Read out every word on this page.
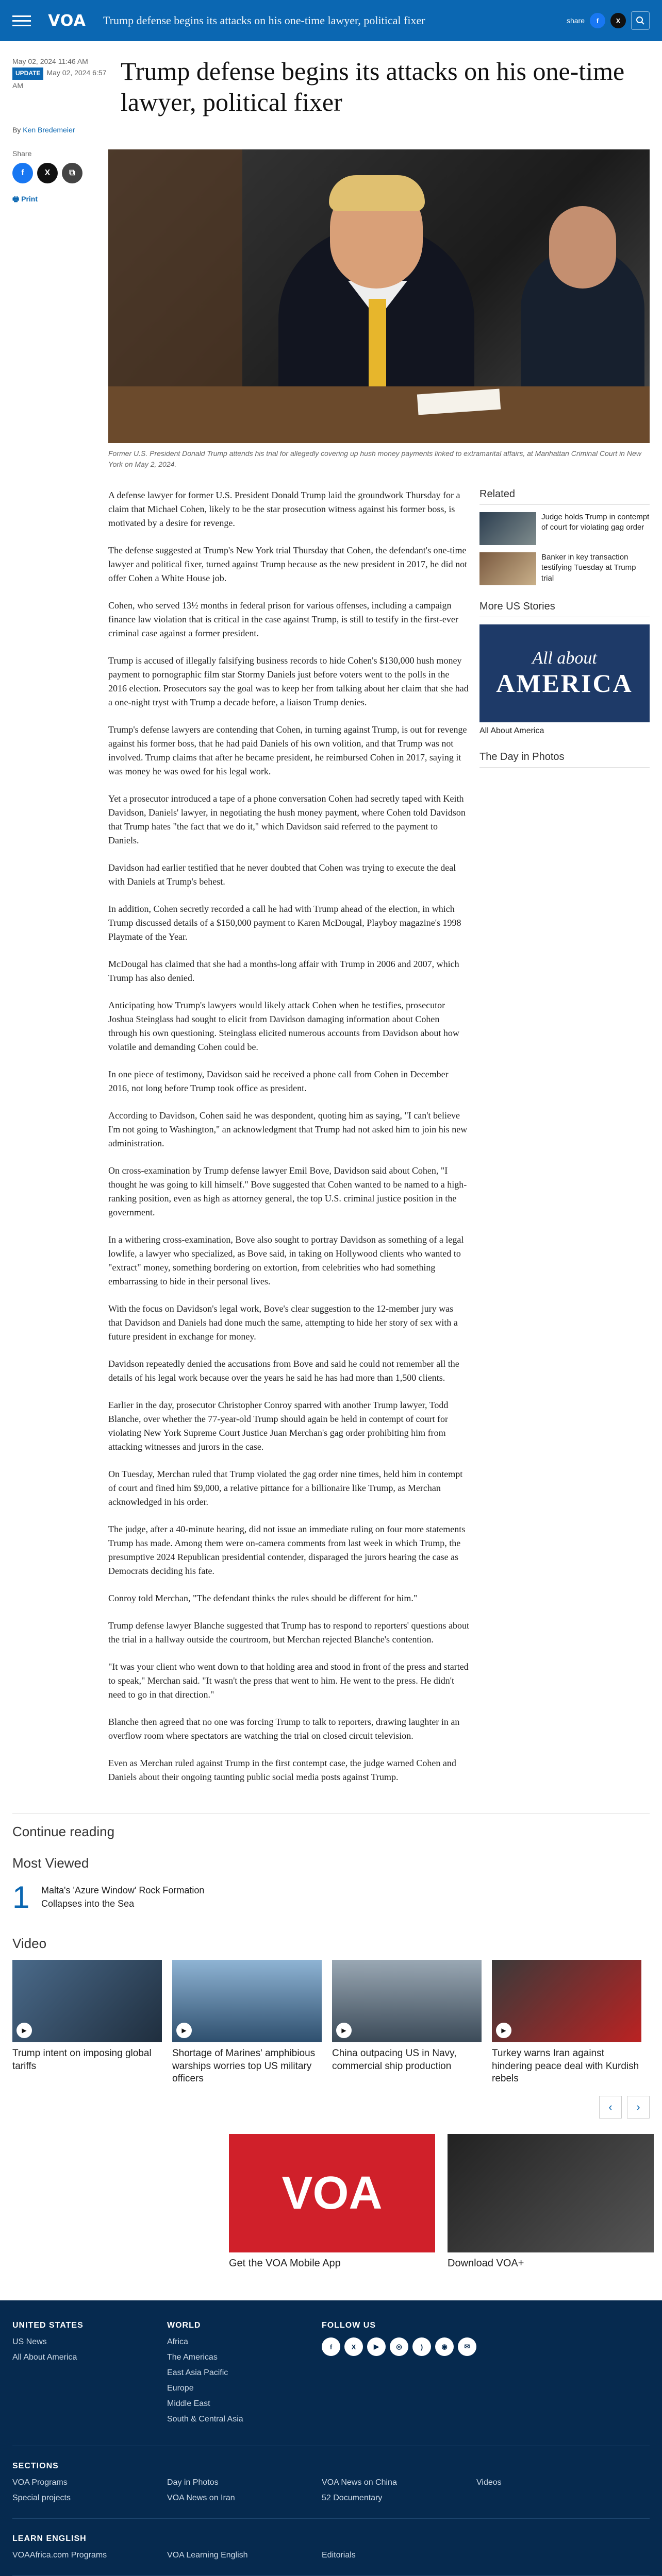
VOA	Trump defense begins its attacks on his one-time lawyer, political fixer	share	f	X
May 02, 2024 11:46 AM
UPDATE May 02, 2024 6:57 AM	Trump defense begins its attacks on his one-time lawyer, political fixer
By Ken Bredemeier
Share
f	X	⧉
🖶 Print
Former U.S. President Donald Trump attends his trial for allegedly covering up hush money payments linked to extramarital affairs, at Manhattan Criminal Court in New York on May 2, 2024.

A defense lawyer for former U.S. President Donald Trump laid the groundwork Thursday for a claim that Michael Cohen, likely to be the star prosecution witness against his former boss, is motivated by a desire for revenge.

The defense suggested at Trump's New York trial Thursday that Cohen, the defendant's one-time lawyer and political fixer, turned against Trump because as the new president in 2017, he did not offer Cohen a White House job.

Cohen, who served 13½ months in federal prison for various offenses, including a campaign finance law violation that is critical in the case against Trump, is still to testify in the first-ever criminal case against a former president.

Trump is accused of illegally falsifying business records to hide Cohen's $130,000 hush money payment to pornographic film star Stormy Daniels just before voters went to the polls in the 2016 election. Prosecutors say the goal was to keep her from talking about her claim that she had a one-night tryst with Trump a decade before, a liaison Trump denies.

Trump's defense lawyers are contending that Cohen, in turning against Trump, is out for revenge against his former boss, that he had paid Daniels of his own volition, and that Trump was not involved. Trump claims that after he became president, he reimbursed Cohen in 2017, saying it was money he was owed for his legal work.

Yet a prosecutor introduced a tape of a phone conversation Cohen had secretly taped with Keith Davidson, Daniels' lawyer, in negotiating the hush money payment, where Cohen told Davidson that Trump hates "the fact that we do it," which Davidson said referred to the payment to Daniels.

Davidson had earlier testified that he never doubted that Cohen was trying to execute the deal with Daniels at Trump's behest.

In addition, Cohen secretly recorded a call he had with Trump ahead of the election, in which Trump discussed details of a $150,000 payment to Karen McDougal, Playboy magazine's 1998 Playmate of the Year.

McDougal has claimed that she had a months-long affair with Trump in 2006 and 2007, which Trump has also denied.

Anticipating how Trump's lawyers would likely attack Cohen when he testifies, prosecutor Joshua Steinglass had sought to elicit from Davidson damaging information about Cohen through his own questioning. Steinglass elicited numerous accounts from Davidson about how volatile and demanding Cohen could be.

In one piece of testimony, Davidson said he received a phone call from Cohen in December 2016, not long before Trump took office as president.

According to Davidson, Cohen said he was despondent, quoting him as saying, "I can't believe I'm not going to Washington," an acknowledgment that Trump had not asked him to join his new administration.

On cross-examination by Trump defense lawyer Emil Bove, Davidson said about Cohen, "I thought he was going to kill himself." Bove suggested that Cohen wanted to be named to a high-ranking position, even as high as attorney general, the top U.S. criminal justice position in the government.

In a withering cross-examination, Bove also sought to portray Davidson as something of a legal lowlife, a lawyer who specialized, as Bove said, in taking on Hollywood clients who wanted to "extract" money, something bordering on extortion, from celebrities who had something embarrassing to hide in their personal lives.

With the focus on Davidson's legal work, Bove's clear suggestion to the 12-member jury was that Davidson and Daniels had done much the same, attempting to hide her story of sex with a future president in exchange for money.

Davidson repeatedly denied the accusations from Bove and said he could not remember all the details of his legal work because over the years he said he has had more than 1,500 clients.

Earlier in the day, prosecutor Christopher Conroy sparred with another Trump lawyer, Todd Blanche, over whether the 77-year-old Trump should again be held in contempt of court for violating New York Supreme Court Justice Juan Merchan's gag order prohibiting him from attacking witnesses and jurors in the case.

On Tuesday, Merchan ruled that Trump violated the gag order nine times, held him in contempt of court and fined him $9,000, a relative pittance for a billionaire like Trump, as Merchan acknowledged in his order.

The judge, after a 40-minute hearing, did not issue an immediate ruling on four more statements Trump has made. Among them were on-camera comments from last week in which Trump, the presumptive 2024 Republican presidential contender, disparaged the jurors hearing the case as Democrats deciding his fate.

Conroy told Merchan, "The defendant thinks the rules should be different for him."

Trump defense lawyer Blanche suggested that Trump has to respond to reporters' questions about the trial in a hallway outside the courtroom, but Merchan rejected Blanche's contention.

"It was your client who went down to that holding area and stood in front of the press and started to speak," Merchan said. "It wasn't the press that went to him. He went to the press. He didn't need to go in that direction."

Blanche then agreed that no one was forcing Trump to talk to reporters, drawing laughter in an overflow room where spectators are watching the trial on closed circuit television.

Even as Merchan ruled against Trump in the first contempt case, the judge warned Cohen and Daniels about their ongoing taunting public social media posts against Trump.

Related
Judge holds Trump in contempt of court for violating gag order
Banker in key transaction testifying Tuesday at Trump trial
More US Stories
All about
AMERICA
All About America
The Day in Photos
Continue reading
Most Viewed
1	Malta's 'Azure Window' Rock Formation Collapses into the Sea
Video
▶
Trump intent on imposing global tariffs
▶
Shortage of Marines' amphibious warships worries top US military officers
▶
China outpacing US in Navy, commercial ship production
▶
Turkey warns Iran against hindering peace deal with Kurdish rebels
‹	›
VOA
Get the VOA Mobile App	Download VOA+
UNITED STATES
US News
All About America
WORLD
Africa
The Americas
East Asia Pacific
Europe
Middle East
South & Central Asia
FOLLOW US
f	X	▶	◎	)	◉	✉
SECTIONS
VOA Programs	Day in Photos	VOA News on China	Videos
Special projects	VOA News on Iran	52 Documentary
LEARN ENGLISH
VOAAfrica.com Programs	VOA Learning English	Editorials
